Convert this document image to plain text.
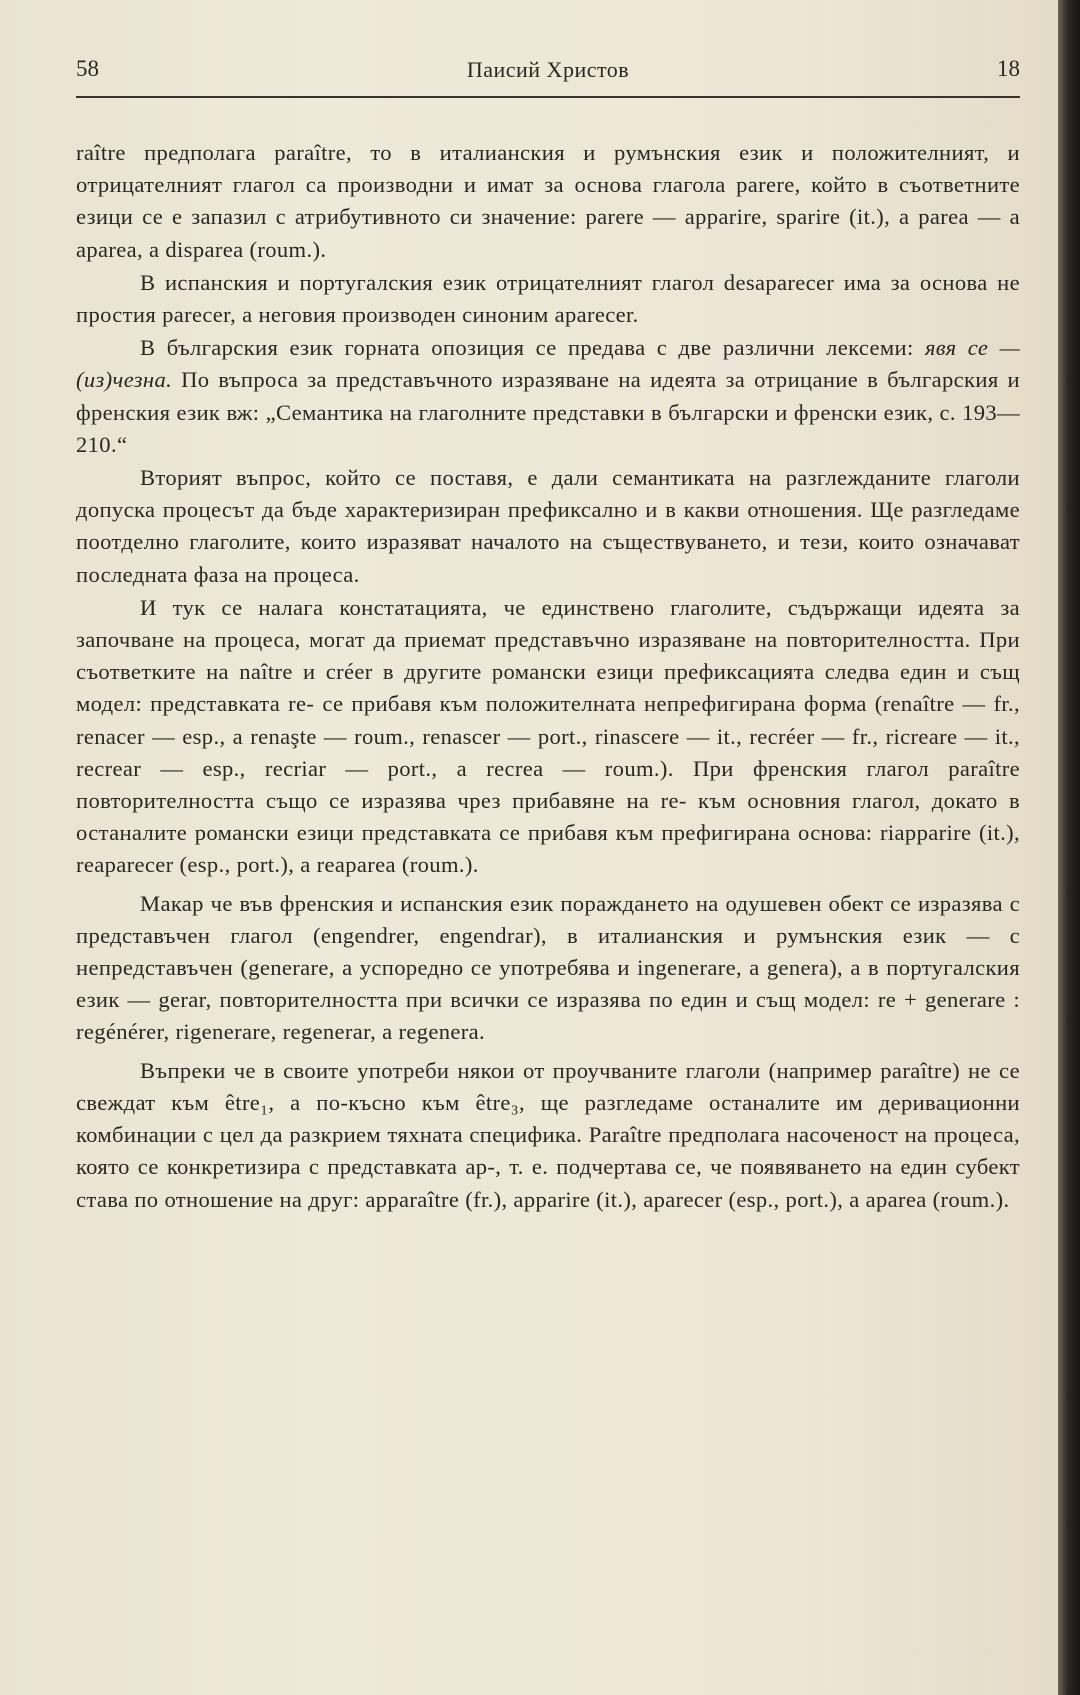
58	Паисий Христов	18

raître предполага paraître, то в италианския и румънския език и положителният, и отрицателният глагол са производни и имат за основа глагола parere, който в съответните езици се е запазил с атрибутивното си значение: parere — apparire, sparire (it.), a parea — a aparea, a disparea (roum.).

В испанския и португалския език отрицателният глагол desaparecer има за основа не простия parecer, а неговия производен синоним aparecer.

В българския език горната опозиция се предава с две различни лексеми: явя се — (из)чезна. По въпроса за представъчното изразяване на идеята за отрицание в българския и френския език вж: „Семантика на глаголните представки в български и френски език, с. 193—210.“

Вторият въпрос, който се поставя, е дали семантиката на разглежданите глаголи допуска процесът да бъде характеризиран префиксално и в какви отношения. Ще разгледаме поотделно глаголите, които изразяват началото на съществуването, и тези, които означават последната фаза на процеса.

И тук се налага констатацията, че единствено глаголите, съдържащи идеята за започване на процеса, могат да приемат представъчно изразяване на повторителността. При съответките на naître и créer в другите романски езици префиксацията следва един и същ модел: представката re- се прибавя към положителната непрефигирана форма (renaître — fr., renacer — esp., a renaşte — roum., renascer — port., rinascere — it., recréer — fr., ricreare — it., recrear — esp., recriar — port., a recrea — roum.). При френския глагол paraître повторителността също се изразява чрез прибавяне на re- към основния глагол, докато в останалите романски езици представката се прибавя към префигирана основа: riapparire (it.), reaparecer (esp., port.), a reaparea (roum.).

Макар че във френския и испанския език пораждането на одушевен обект се изразява с представъчен глагол (engendrer, engendrar), в италианския и румънския език — с непредставъчен (generare, а успоредно се употребява и ingenerare, a genera), а в португалския език — gerar, повторителността при всички се изразява по един и същ модел: re + generare : regénérer, rigenerare, regenerar, a regenera.

Въпреки че в своите употреби някои от проучваните глаголи (например paraître) не се свеждат към être₁, а по-късно към être₃, ще разгледаме останалите им деривационни комбинации с цел да разкрием тяхната специфика. Paraître предполага насоченост на процеса, която се конкретизира с представката ap-, т. е. подчертава се, че появяването на един субект става по отношение на друг: apparaître (fr.), apparire (it.), aparecer (esp., port.), a aparea (roum.).
